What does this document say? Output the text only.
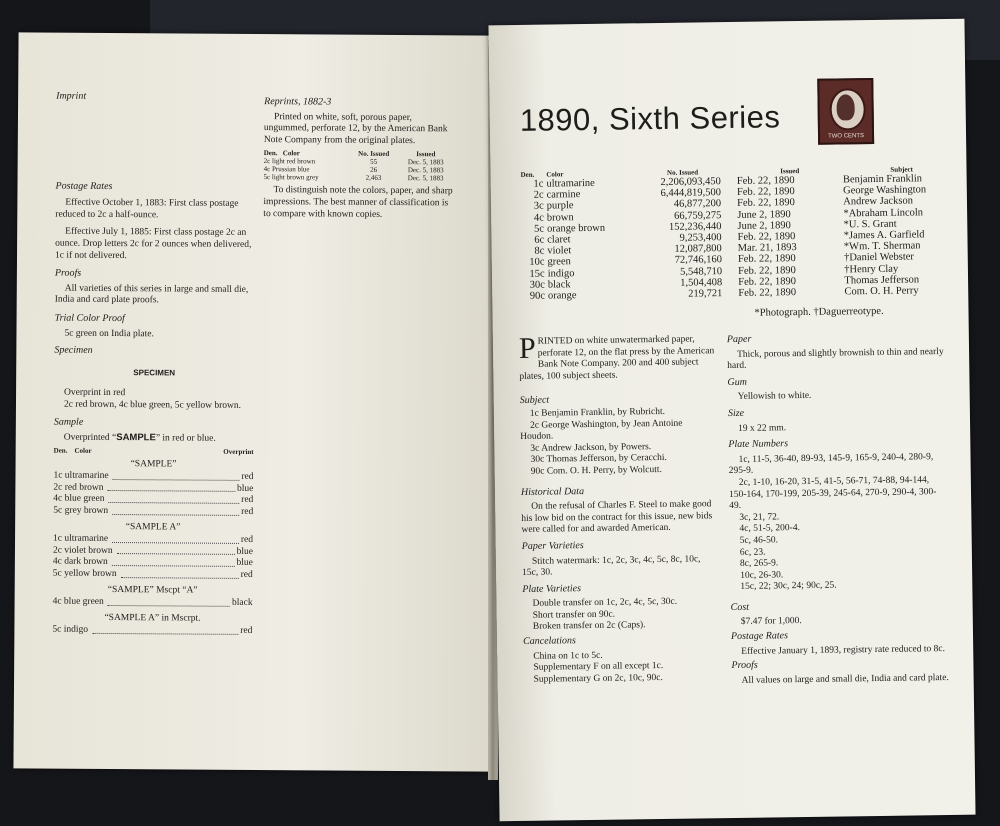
Imprint

Postage Rates

Effective October 1, 1883: First class postage reduced to 2c a half-ounce.

Effective July 1, 1885: First class postage 2c an ounce. Drop letters 2c for 2 ounces when delivered, 1c if not delivered.

Proofs

All varieties of this series in large and small die, India and card plate proofs.

Trial Color Proof

5c green on India plate.

Specimen

SPECIMEN

Overprint in red

2c red brown, 4c blue green, 5c yellow brown.

Sample

Overprinted “SAMPLE” in red or blue.

Den. Color	Overprint
“SAMPLE”
1c ultramarine	red
2c red brown	blue
4c blue green	red
5c grey brown	red
“SAMPLE A”
1c ultramarine	red
2c violet brown	blue
4c dark brown	blue
5c yellow brown	red
“SAMPLE” Mscpt “A”
4c blue green	black
“SAMPLE A” in Mscrpt.
5c indigo	red

Reprints, 1882-3

Printed on white, soft, porous paper, ungummed, perforate 12, by the American Bank Note Company from the original plates.

Den. Color	No. Issued	Issued
2c light red brown	55	Dec. 5, 1883
4c Prussian blue	26	Dec. 5, 1883
5c light brown grey	2,463	Dec. 5, 1883

To distinguish note the colors, paper, and sharp impressions. The best manner of classification is to compare with known copies.

1890, Sixth Series	TWO CENTS
Den.	Color	No. Issued	Issued	Subject
1c	ultramarine	2,206,093,450	Feb. 22, 1890	Benjamin Franklin
2c	carmine	6,444,819,500	Feb. 22, 1890	George Washington
3c	purple	46,877,200	Feb. 22, 1890	Andrew Jackson
4c	brown	66,759,275	June 2, 1890	*Abraham Lincoln
5c	orange brown	152,236,440	June 2, 1890	*U. S. Grant
6c	claret	9,253,400	Feb. 22, 1890	*James A. Garfield
8c	violet	12,087,800	Mar. 21, 1893	*Wm. T. Sherman
10c	green	72,746,160	Feb. 22, 1890	†Daniel Webster
15c	indigo	5,548,710	Feb. 22, 1890	†Henry Clay
30c	black	1,504,408	Feb. 22, 1890	Thomas Jefferson
90c	orange	219,721	Feb. 22, 1890	Com. O. H. Perry
*Photograph. †Daguerreotype.
PRINTED on white unwatermarked paper, perforate 12, on the flat press by the American Bank Note Company. 200 and 400 subject plates, 100 subject sheets.

Subject

1c Benjamin Franklin, by Rubricht.

2c George Washington, by Jean Antoine Houdon.

3c Andrew Jackson, by Powers.

30c Thomas Jefferson, by Ceracchi.

90c Com. O. H. Perry, by Wolcutt.

Historical Data

On the refusal of Charles F. Steel to make good his low bid on the contract for this issue, new bids were called for and awarded American.

Paper Varieties

Stitch watermark: 1c, 2c, 3c, 4c, 5c, 8c, 10c, 15c, 30.

Plate Varieties

Double transfer on 1c, 2c, 4c, 5c, 30c.

Short transfer on 90c.

Broken transfer on 2c (Caps).

Cancelations

China on 1c to 5c.

Supplementary F on all except 1c.

Supplementary G on 2c, 10c, 90c.

Paper

Thick, porous and slightly brownish to thin and nearly hard.

Gum

Yellowish to white.

Size

19 x 22 mm.

Plate Numbers

1c, 11-5, 36-40, 89-93, 145-9, 165-9, 240-4, 280-9, 295-9.

2c, 1-10, 16-20, 31-5, 41-5, 56-71, 74-88, 94-144, 150-164, 170-199, 205-39, 245-64, 270-9, 290-4, 300-49.

3c, 21, 72.

4c, 51-5, 200-4.

5c, 46-50.

6c, 23.

8c, 265-9.

10c, 26-30.

15c, 22; 30c, 24; 90c, 25.

Cost

$7.47 for 1,000.

Postage Rates

Effective January 1, 1893, registry rate reduced to 8c.

Proofs

All values on large and small die, India and card plate.
